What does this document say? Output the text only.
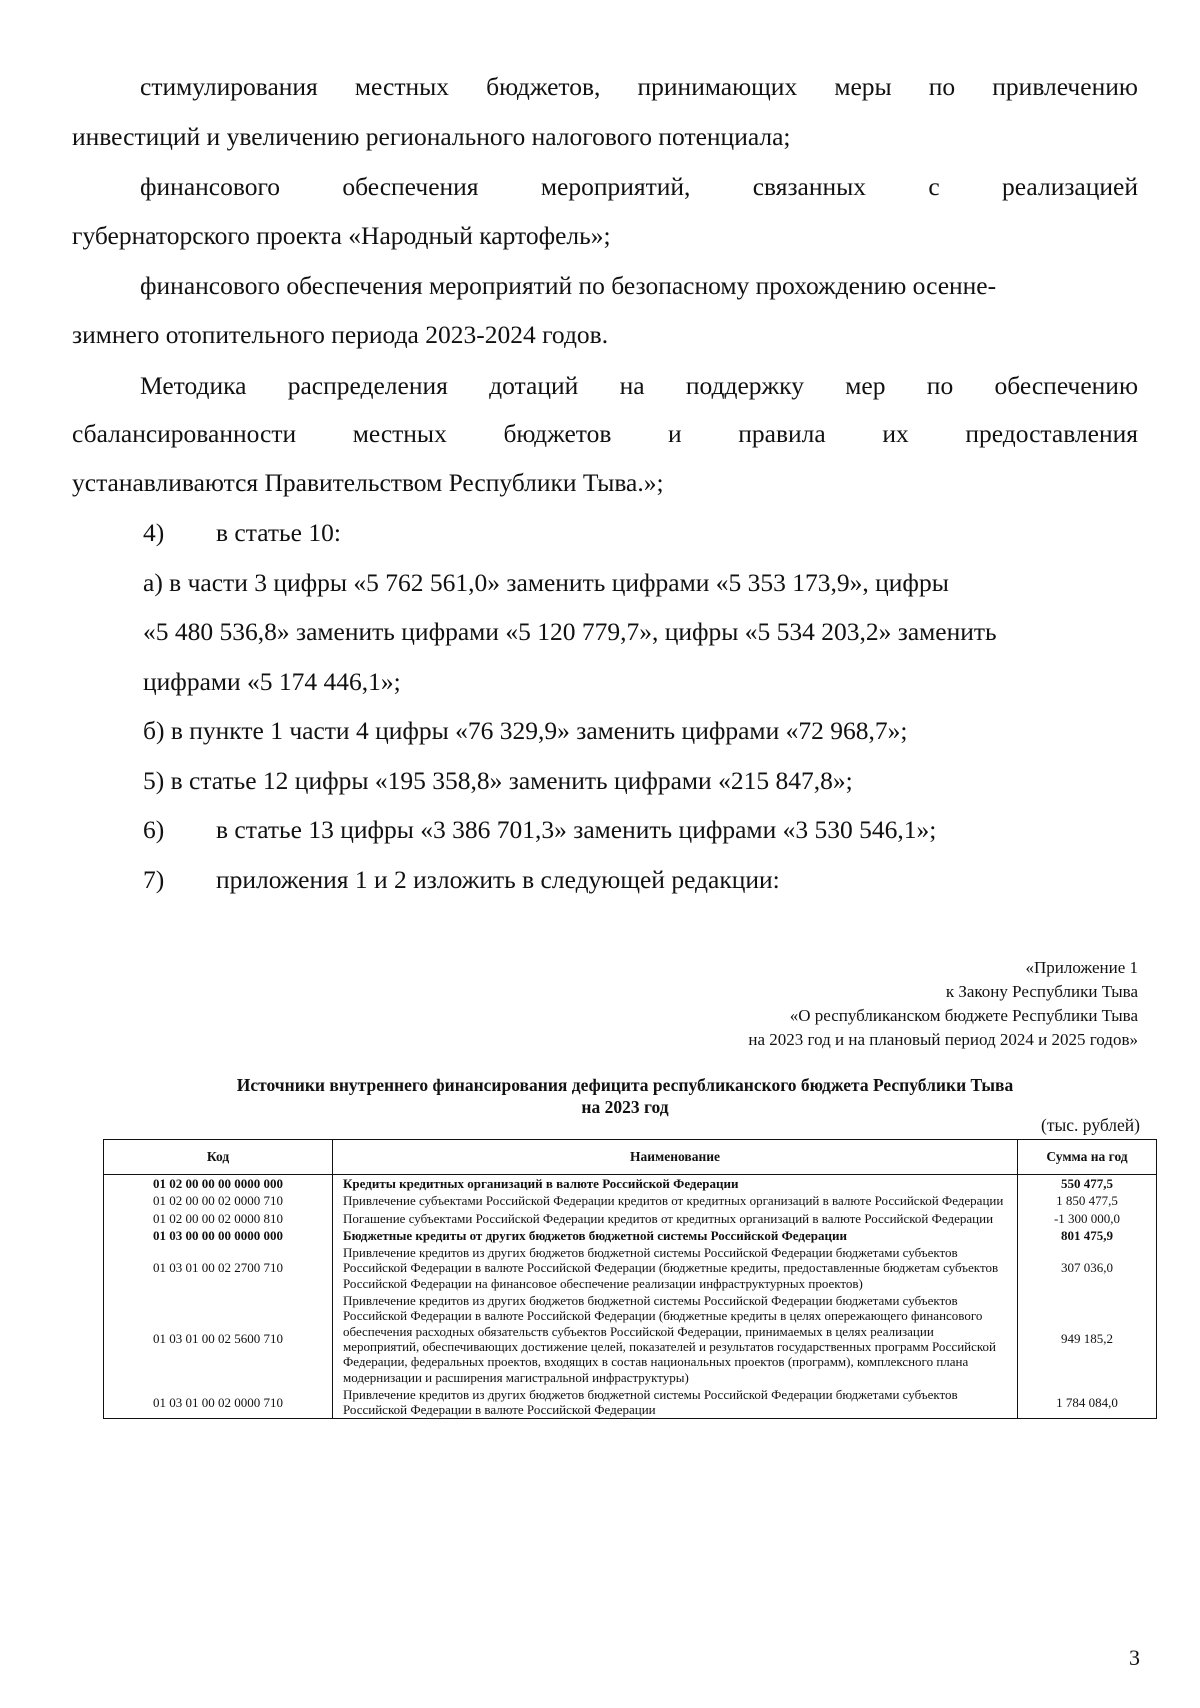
стимулирования местных бюджетов, принимающих меры по привлечению
инвестиций и увеличению регионального налогового потенциала;
финансового обеспечения мероприятий, связанных с реализацией
губернаторского проекта «Народный картофель»;
финансового обеспечения мероприятий по безопасному прохождению осенне-
зимнего отопительного периода 2023-2024 годов.
Методика распределения дотаций на поддержку мер по обеспечению
сбалансированности местных бюджетов и правила их предоставления
устанавливаются Правительством Республики Тыва.»;
4) в статье 10:
а) в части 3 цифры «5 762 561,0» заменить цифрами «5 353 173,9», цифры
«5 480 536,8» заменить цифрами «5 120 779,7», цифры «5 534 203,2» заменить
цифрами «5 174 446,1»;
б) в пункте 1 части 4 цифры «76 329,9» заменить цифрами «72 968,7»;
5) в статье 12 цифры «195 358,8» заменить цифрами «215 847,8»;
6) в статье 13 цифры «3 386 701,3» заменить цифрами «3 530 546,1»;
7) приложения 1 и 2 изложить в следующей редакции:
«Приложение 1
к Закону Республики Тыва
«О республиканском бюджете Республики Тыва
на 2023 год и на плановый период 2024 и 2025 годов»
Источники внутреннего финансирования дефицита республиканского бюджета Республики Тыва
на 2023 год
(тыс. рублей)
Код	Наименование	Сумма на год
01 02 00 00 00 0000 000	Кредиты кредитных организаций в валюте Российской Федерации	550 477,5
01 02 00 00 02 0000 710	Привлечение субъектами Российской Федерации кредитов от кредитных организаций в валюте Российской Федерации	1 850 477,5
01 02 00 00 02 0000 810	Погашение субъектами Российской Федерации кредитов от кредитных организаций в валюте Российской Федерации	-1 300 000,0
01 03 00 00 00 0000 000	Бюджетные кредиты от других бюджетов бюджетной системы Российской Федерации	801 475,9
01 03 01 00 02 2700 710	Привлечение кредитов из других бюджетов бюджетной системы Российской Федерации бюджетами субъектов Российской Федерации в валюте Российской Федерации (бюджетные кредиты, предоставленные бюджетам субъектов Российской Федерации на финансовое обеспечение реализации инфраструктурных проектов)	307 036,0
01 03 01 00 02 5600 710	Привлечение кредитов из других бюджетов бюджетной системы Российской Федерации бюджетами субъектов Российской Федерации в валюте Российской Федерации (бюджетные кредиты в целях опережающего финансового обеспечения расходных обязательств субъектов Российской Федерации, принимаемых в целях реализации мероприятий, обеспечивающих достижение целей, показателей и результатов государственных программ Российской Федерации, федеральных проектов, входящих в состав национальных проектов (программ), комплексного плана модернизации и расширения магистральной инфраструктуры)	949 185,2
01 03 01 00 02 0000 710	Привлечение кредитов из других бюджетов бюджетной системы Российской Федерации бюджетами субъектов Российской Федерации в валюте Российской Федерации	1 784 084,0
3
